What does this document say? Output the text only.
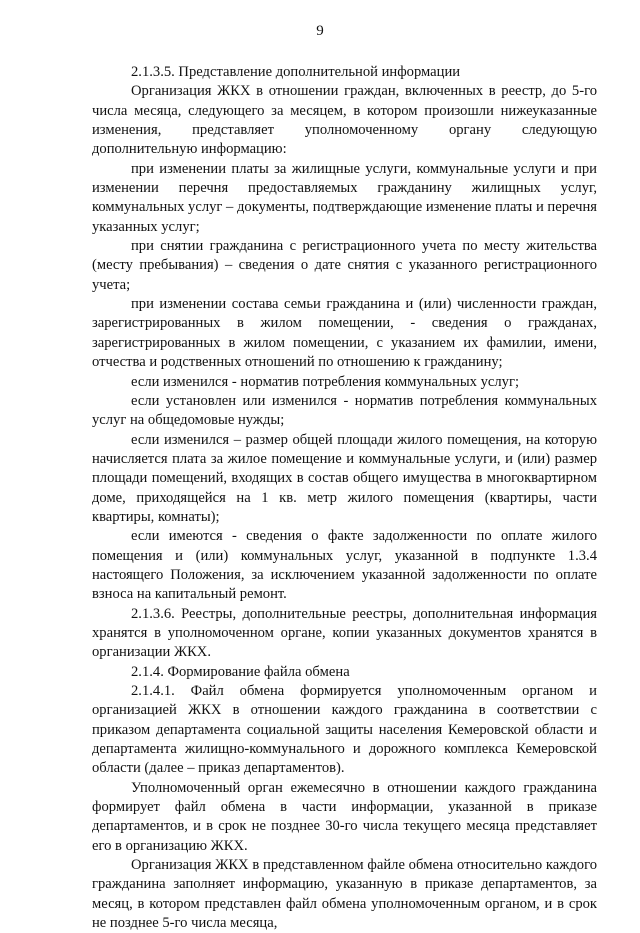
9

2.1.3.5. Представление дополнительной информации

Организация ЖКХ в отношении граждан, включенных в реестр, до 5-го числа месяца, следующего за месяцем, в котором произошли нижеуказанные изменения, представляет уполномоченному органу следующую дополнительную информацию:

при изменении платы за жилищные услуги, коммунальные услуги и при изменении перечня предоставляемых гражданину жилищных услуг, коммунальных услуг – документы, подтверждающие изменение платы и перечня указанных услуг;

при снятии гражданина с регистрационного учета по месту жительства (месту пребывания) – сведения о дате снятия с указанного регистрационного учета;

при изменении состава семьи гражданина и (или) численности граждан, зарегистрированных в жилом помещении, - сведения о гражданах, зарегистрированных в жилом помещении, с указанием их фамилии, имени, отчества и родственных отношений по отношению к гражданину;

если изменился - норматив потребления коммунальных услуг;

если установлен или изменился - норматив потребления коммунальных услуг на общедомовые нужды;

если изменился – размер общей площади жилого помещения, на которую начисляется плата за жилое помещение и коммунальные услуги, и (или) размер площади помещений, входящих в состав общего имущества в многоквартирном доме, приходящейся на 1 кв. метр жилого помещения (квартиры, части квартиры, комнаты);

если имеются - сведения о факте задолженности по оплате жилого помещения и (или) коммунальных услуг, указанной в подпункте 1.3.4 настоящего Положения, за исключением указанной задолженности по оплате взноса на капитальный ремонт.

2.1.3.6. Реестры, дополнительные реестры, дополнительная информация хранятся в уполномоченном органе, копии указанных документов хранятся в организации ЖКХ.

2.1.4. Формирование файла обмена

2.1.4.1. Файл обмена формируется уполномоченным органом и организацией ЖКХ в отношении каждого гражданина в соответствии с приказом департамента социальной защиты населения Кемеровской области и департамента жилищно-коммунального и дорожного комплекса Кемеровской области (далее – приказ департаментов).

Уполномоченный орган ежемесячно в отношении каждого гражданина формирует файл обмена в части информации, указанной в приказе департаментов, и в срок не позднее 30-го числа текущего месяца представляет его в организацию ЖКХ.

Организация ЖКХ в представленном файле обмена относительно каждого гражданина заполняет информацию, указанную в приказе департаментов, за месяц, в котором представлен файл обмена уполномоченным органом, и в срок не позднее 5-го числа месяца,
